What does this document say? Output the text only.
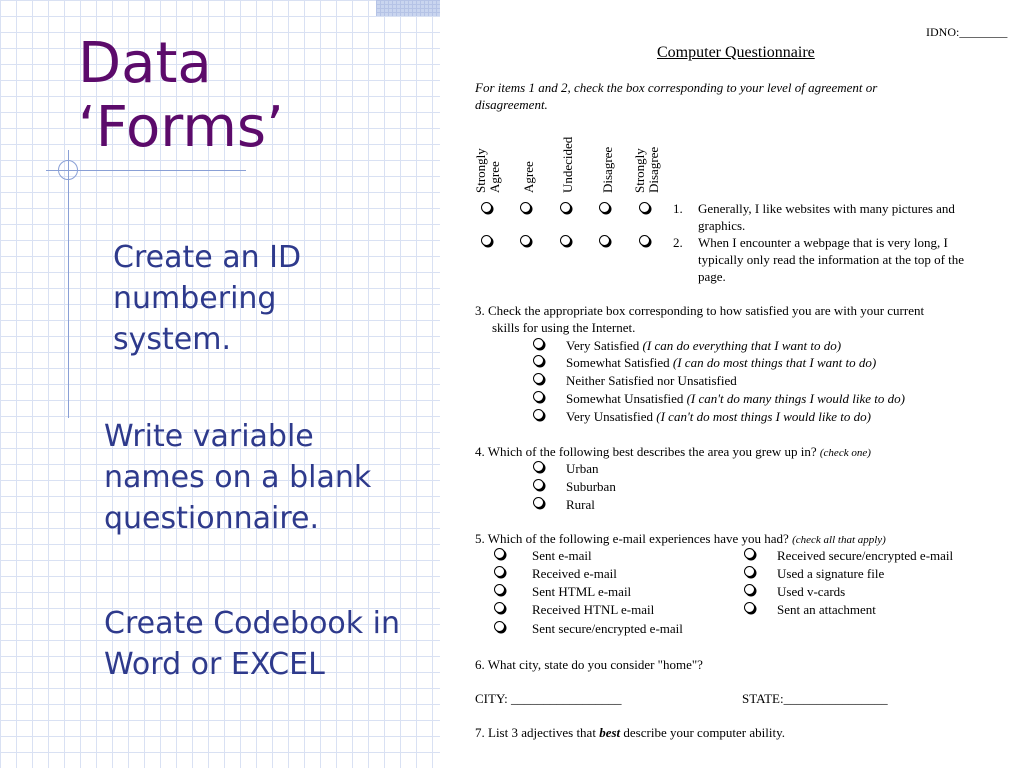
Data
‘Forms’

Create an ID
numbering
system.

Write variable
names on a blank
questionnaire.

Create Codebook in
Word or EXCEL

IDNO:________
Computer Questionnaire
For items 1 and 2, check the box corresponding to your level of agreement or
disagreement.
Strongly Agree Agree Undecided Disagree Strongly Disagree
1. Generally, I like websites with many pictures and
graphics.
2. When I encounter a webpage that is very long, I
typically only read the information at the top of the
page.
3. Check the appropriate box corresponding to how satisfied you are with your current
skills for using the Internet.
Very Satisfied (I can do everything that I want to do)
Somewhat Satisfied (I can do most things that I want to do)
Neither Satisfied nor Unsatisfied
Somewhat Unsatisfied (I can't do many things I would like to do)
Very Unsatisfied (I can't do most things I would like to do)
4. Which of the following best describes the area you grew up in? (check one)
Urban
Suburban
Rural
5. Which of the following e-mail experiences have you had? (check all that apply)
Sent e-mail
Received e-mail
Sent HTML e-mail
Received HTNL e-mail
Sent secure/encrypted e-mail
Received secure/encrypted e-mail
Used a signature file
Used v-cards
Sent an attachment
6. What city, state do you consider "home"?
CITY: _________________	STATE:________________
7. List 3 adjectives that best describe your computer ability.
